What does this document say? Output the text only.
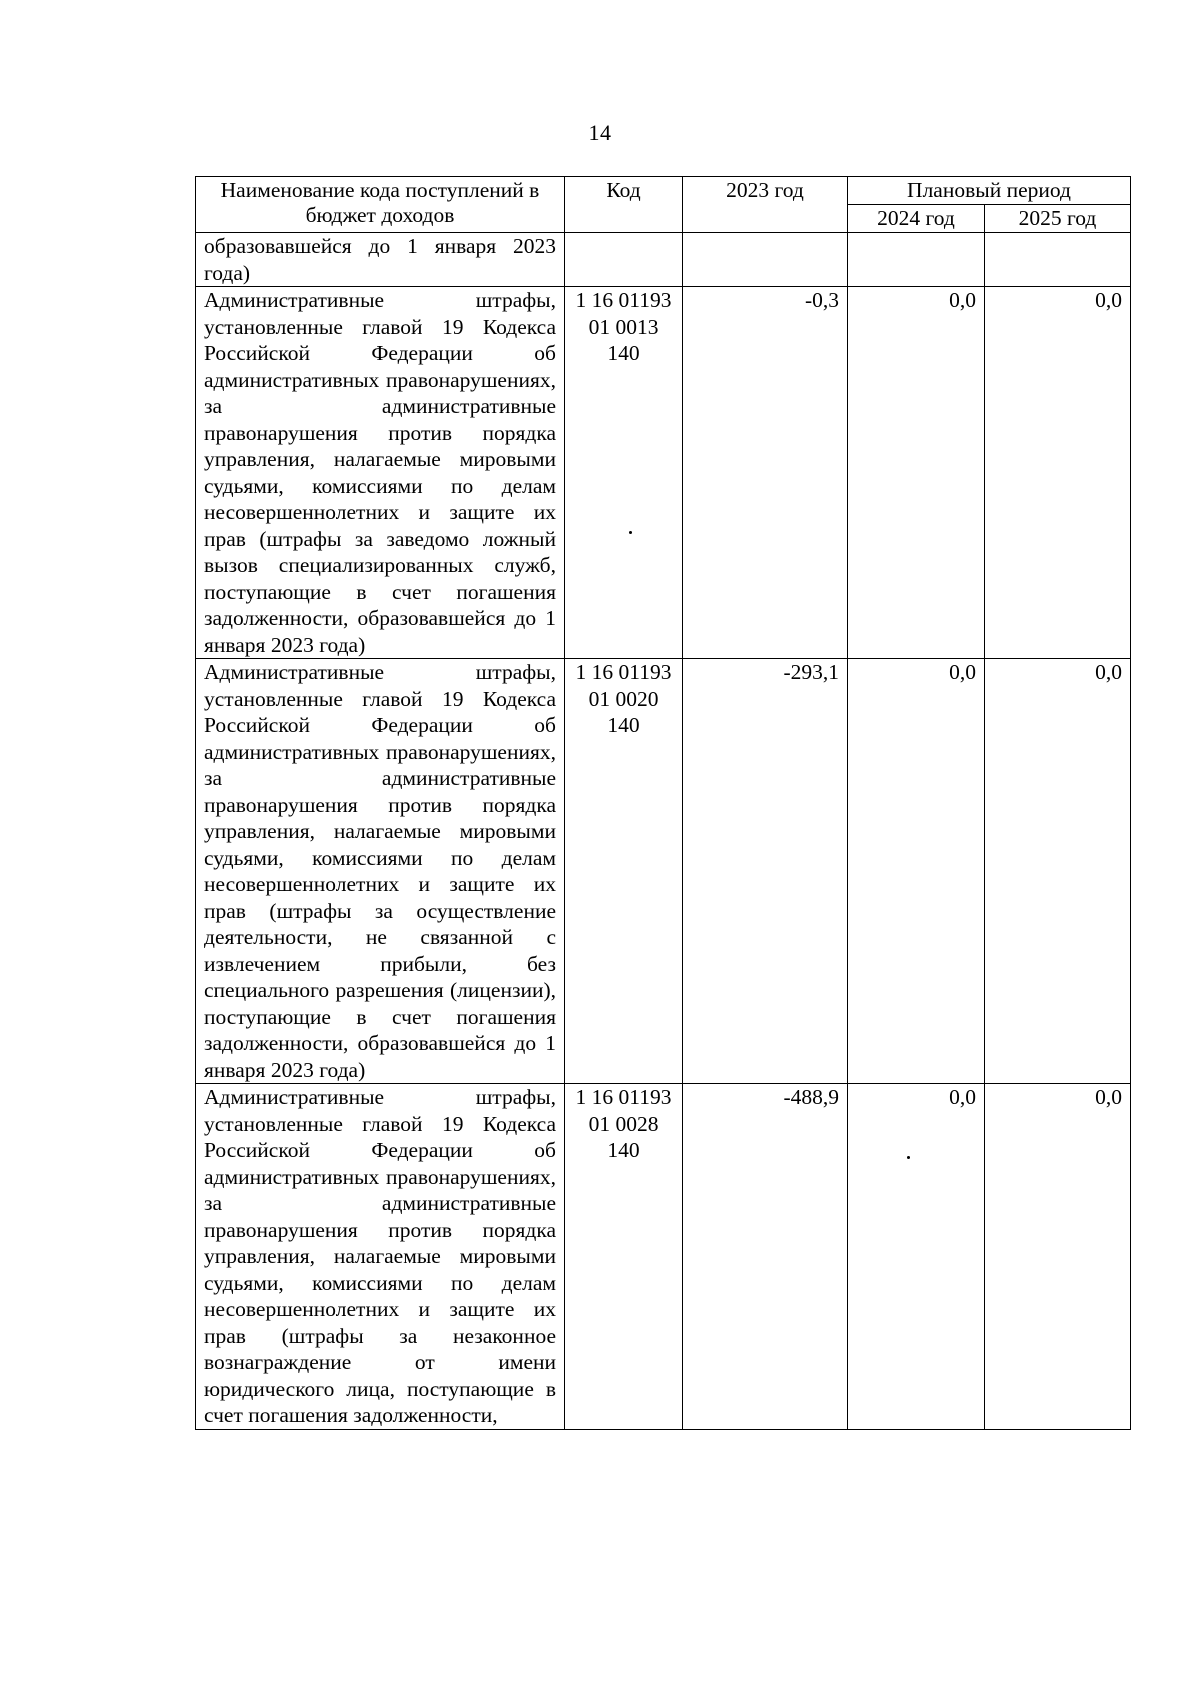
14
Наименование кода поступлений в бюджет доходов	Код	2023 год	Плановый период	
			2024 год	2025 год
образовавшейся до 1 января 2023 года)				
Административные штрафы, установленные главой 19 Кодекса Российской Федерации об административных правонарушениях, за административные правонарушения против порядка управления, налагаемые мировыми судьями, комиссиями по делам несовершеннолетних и защите их прав (штрафы за заведомо ложный вызов специализированных служб, поступающие в счет погашения задолженности, образовавшейся до 1 января 2023 года)	1 16 01193 01 0013 140	-0,3	0,0	0,0
Административные штрафы, установленные главой 19 Кодекса Российской Федерации об административных правонарушениях, за административные правонарушения против порядка управления, налагаемые мировыми судьями, комиссиями по делам несовершеннолетних и защите их прав (штрафы за осуществление деятельности, не связанной с извлечением прибыли, без специального разрешения (лицензии), поступающие в счет погашения задолженности, образовавшейся до 1 января 2023 года)	1 16 01193 01 0020 140	-293,1	0,0	0,0
Административные штрафы, установленные главой 19 Кодекса Российской Федерации об административных правонарушениях, за административные правонарушения против порядка управления, налагаемые мировыми судьями, комиссиями по делам несовершеннолетних и защите их прав (штрафы за незаконное вознаграждение от имени юридического лица, поступающие в счет погашения задолженности,	1 16 01193 01 0028 140	-488,9	0,0	0,0
